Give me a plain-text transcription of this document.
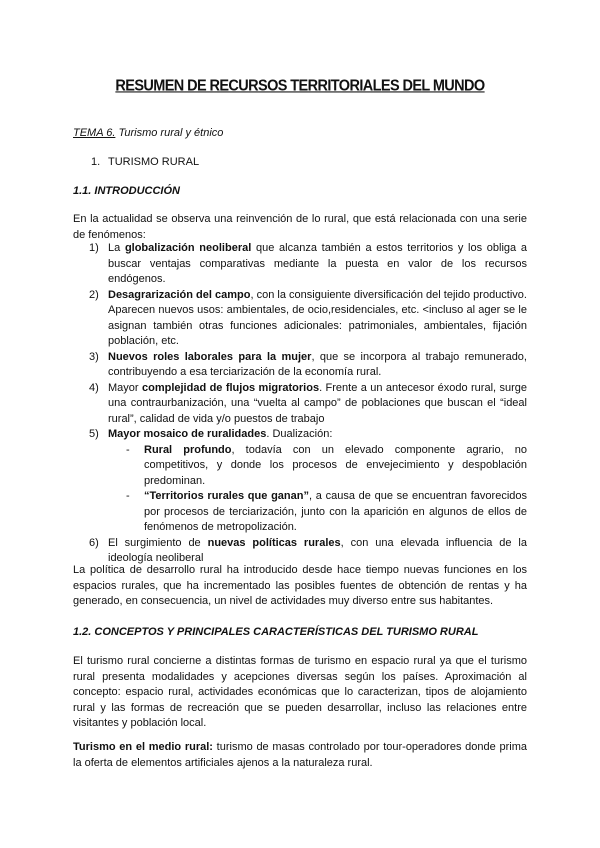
RESUMEN DE RECURSOS TERRITORIALES DEL MUNDO
TEMA 6. Turismo rural y étnico
1. TURISMO RURAL
1.1. INTRODUCCIÓN

En la actualidad se observa una reinvención de lo rural, que está relacionada con una serie de fenómenos:

1) La globalización neoliberal que alcanza también a estos territorios y los obliga a buscar ventajas comparativas mediante la puesta en valor de los recursos endógenos.
2) Desagrarización del campo, con la consiguiente diversificación del tejido productivo. Aparecen nuevos usos: ambientales, de ocio,residenciales, etc. <incluso al ager se le asignan también otras funciones adicionales: patrimoniales, ambientales, fijación población, etc.
3) Nuevos roles laborales para la mujer, que se incorpora al trabajo remunerado, contribuyendo a esa terciarización de la economía rural.
4) Mayor complejidad de flujos migratorios. Frente a un antecesor éxodo rural, surge una contraurbanización, una “vuelta al campo” de poblaciones que buscan el “ideal rural”, calidad de vida y/o puestos de trabajo
5) Mayor mosaico de ruralidades. Dualización:
- Rural profundo, todavía con un elevado componente agrario, no competitivos, y donde los procesos de envejecimiento y despoblación predominan.
- “Territorios rurales que ganan”, a causa de que se encuentran favorecidos por procesos de terciarización, junto con la aparición en algunos de ellos de fenómenos de metropolización.
6) El surgimiento de nuevas políticas rurales, con una elevada influencia de la ideología neoliberal

La política de desarrollo rural ha introducido desde hace tiempo nuevas funciones en los espacios rurales, que ha incrementado las posibles fuentes de obtención de rentas y ha generado, en consecuencia, un nivel de actividades muy diverso entre sus habitantes.

1.2. CONCEPTOS Y PRINCIPALES CARACTERÍSTICAS DEL TURISMO RURAL

El turismo rural concierne a distintas formas de turismo en espacio rural ya que el turismo rural presenta modalidades y acepciones diversas según los países. Aproximación al concepto: espacio rural, actividades económicas que lo caracterizan, tipos de alojamiento rural y las formas de recreación que se pueden desarrollar, incluso las relaciones entre visitantes y población local.

Turismo en el medio rural: turismo de masas controlado por tour-operadores donde prima la oferta de elementos artificiales ajenos a la naturaleza rural.
